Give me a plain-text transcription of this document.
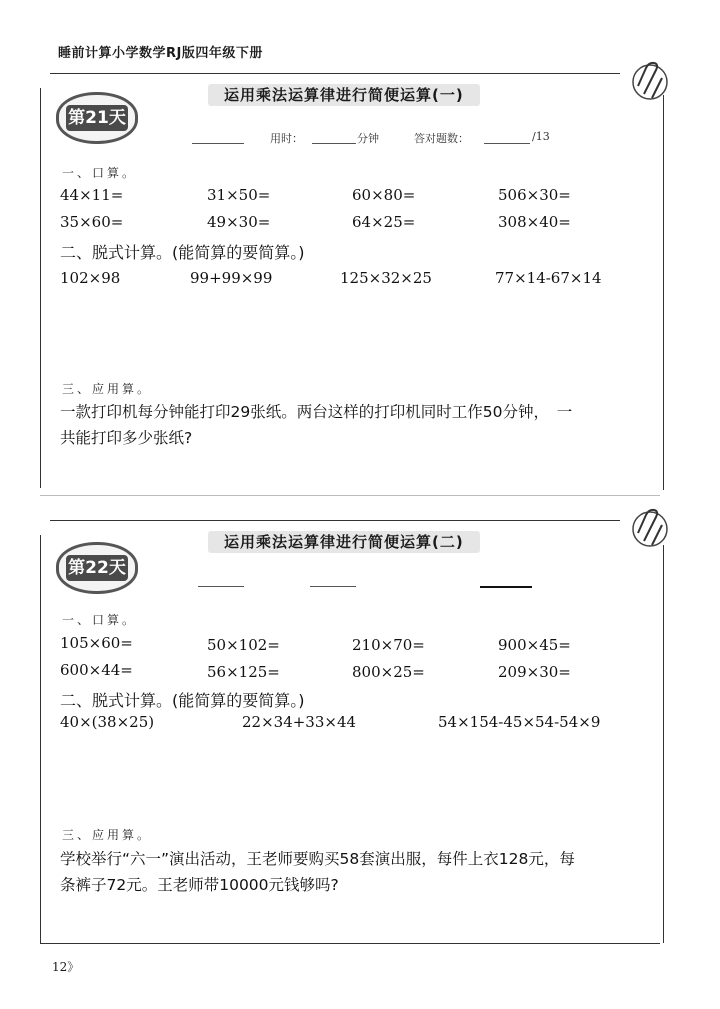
睡前计算小学数学RJ版四年级下册
第21天
运用乘法运算律进行简便运算(一)
用时：	分钟	答对题数：	/13
一、口算。
44×11=	31×50=	60×80=	506×30=
35×60=	49×30=	64×25=	308×40=
二、脱式计算。(能简算的要简算。)
102×98	99+99×99	125×32×25	77×14-67×14
三、应用算。
一款打印机每分钟能打印29张纸。两台这样的打印机同时工作50分钟，　一
共能打印多少张纸?
第22天
运用乘法运算律进行简便运算(二)
一、口算。
105×60=	50×102=	210×70=	900×45=
600×44=	56×125=	800×25=	209×30=
二、脱式计算。(能简算的要简算。)
40×(38×25)	22×34+33×44	54×154-45×54-54×9
三、应用算。
学校举行“六一”演出活动，王老师要购买58套演出服，每件上衣128元，每
条裤子72元。王老师带10000元钱够吗?
12》
